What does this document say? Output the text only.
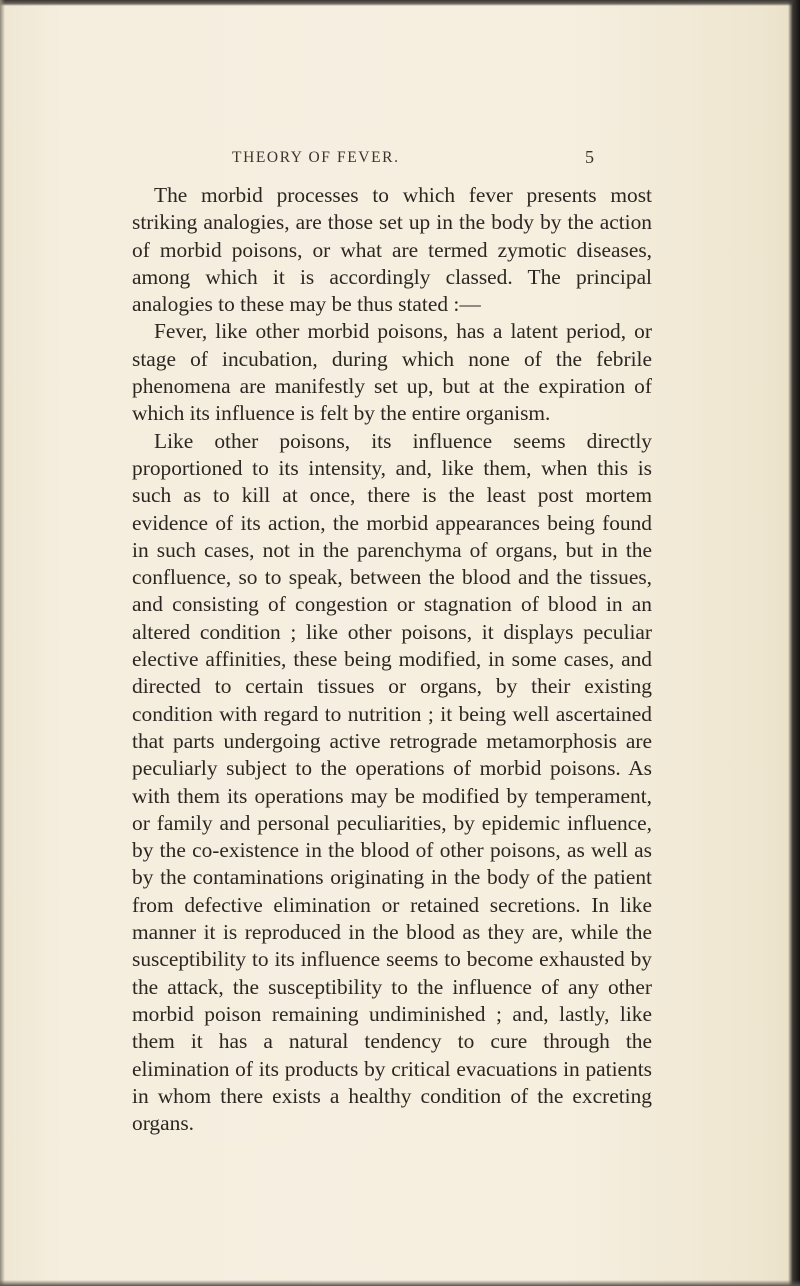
THEORY OF FEVER.	5

The morbid processes to which fever presents most striking analogies, are those set up in the body by the action of morbid poisons, or what are termed zymotic diseases, among which it is accordingly classed. The principal analogies to these may be thus stated :—

Fever, like other morbid poisons, has a latent period, or stage of incubation, during which none of the febrile phenomena are manifestly set up, but at the expiration of which its influence is felt by the entire organism.

Like other poisons, its influence seems directly proportioned to its intensity, and, like them, when this is such as to kill at once, there is the least post mortem evidence of its action, the morbid appearances being found in such cases, not in the parenchyma of organs, but in the confluence, so to speak, between the blood and the tissues, and consisting of congestion or stagnation of blood in an altered condition ; like other poisons, it displays peculiar elective affinities, these being modified, in some cases, and directed to certain tissues or organs, by their existing condition with regard to nutrition ; it being well ascertained that parts undergoing active retrograde metamorphosis are peculiarly subject to the operations of morbid poisons. As with them its operations may be modified by temperament, or family and personal peculiarities, by epidemic influence, by the co-existence in the blood of other poisons, as well as by the contaminations originating in the body of the patient from defective elimination or retained secretions. In like manner it is reproduced in the blood as they are, while the susceptibility to its influence seems to become exhausted by the attack, the susceptibility to the influence of any other morbid poison remaining undiminished ; and, lastly, like them it has a natural tendency to cure through the elimination of its products by critical evacuations in patients in whom there exists a healthy condition of the excreting organs.
